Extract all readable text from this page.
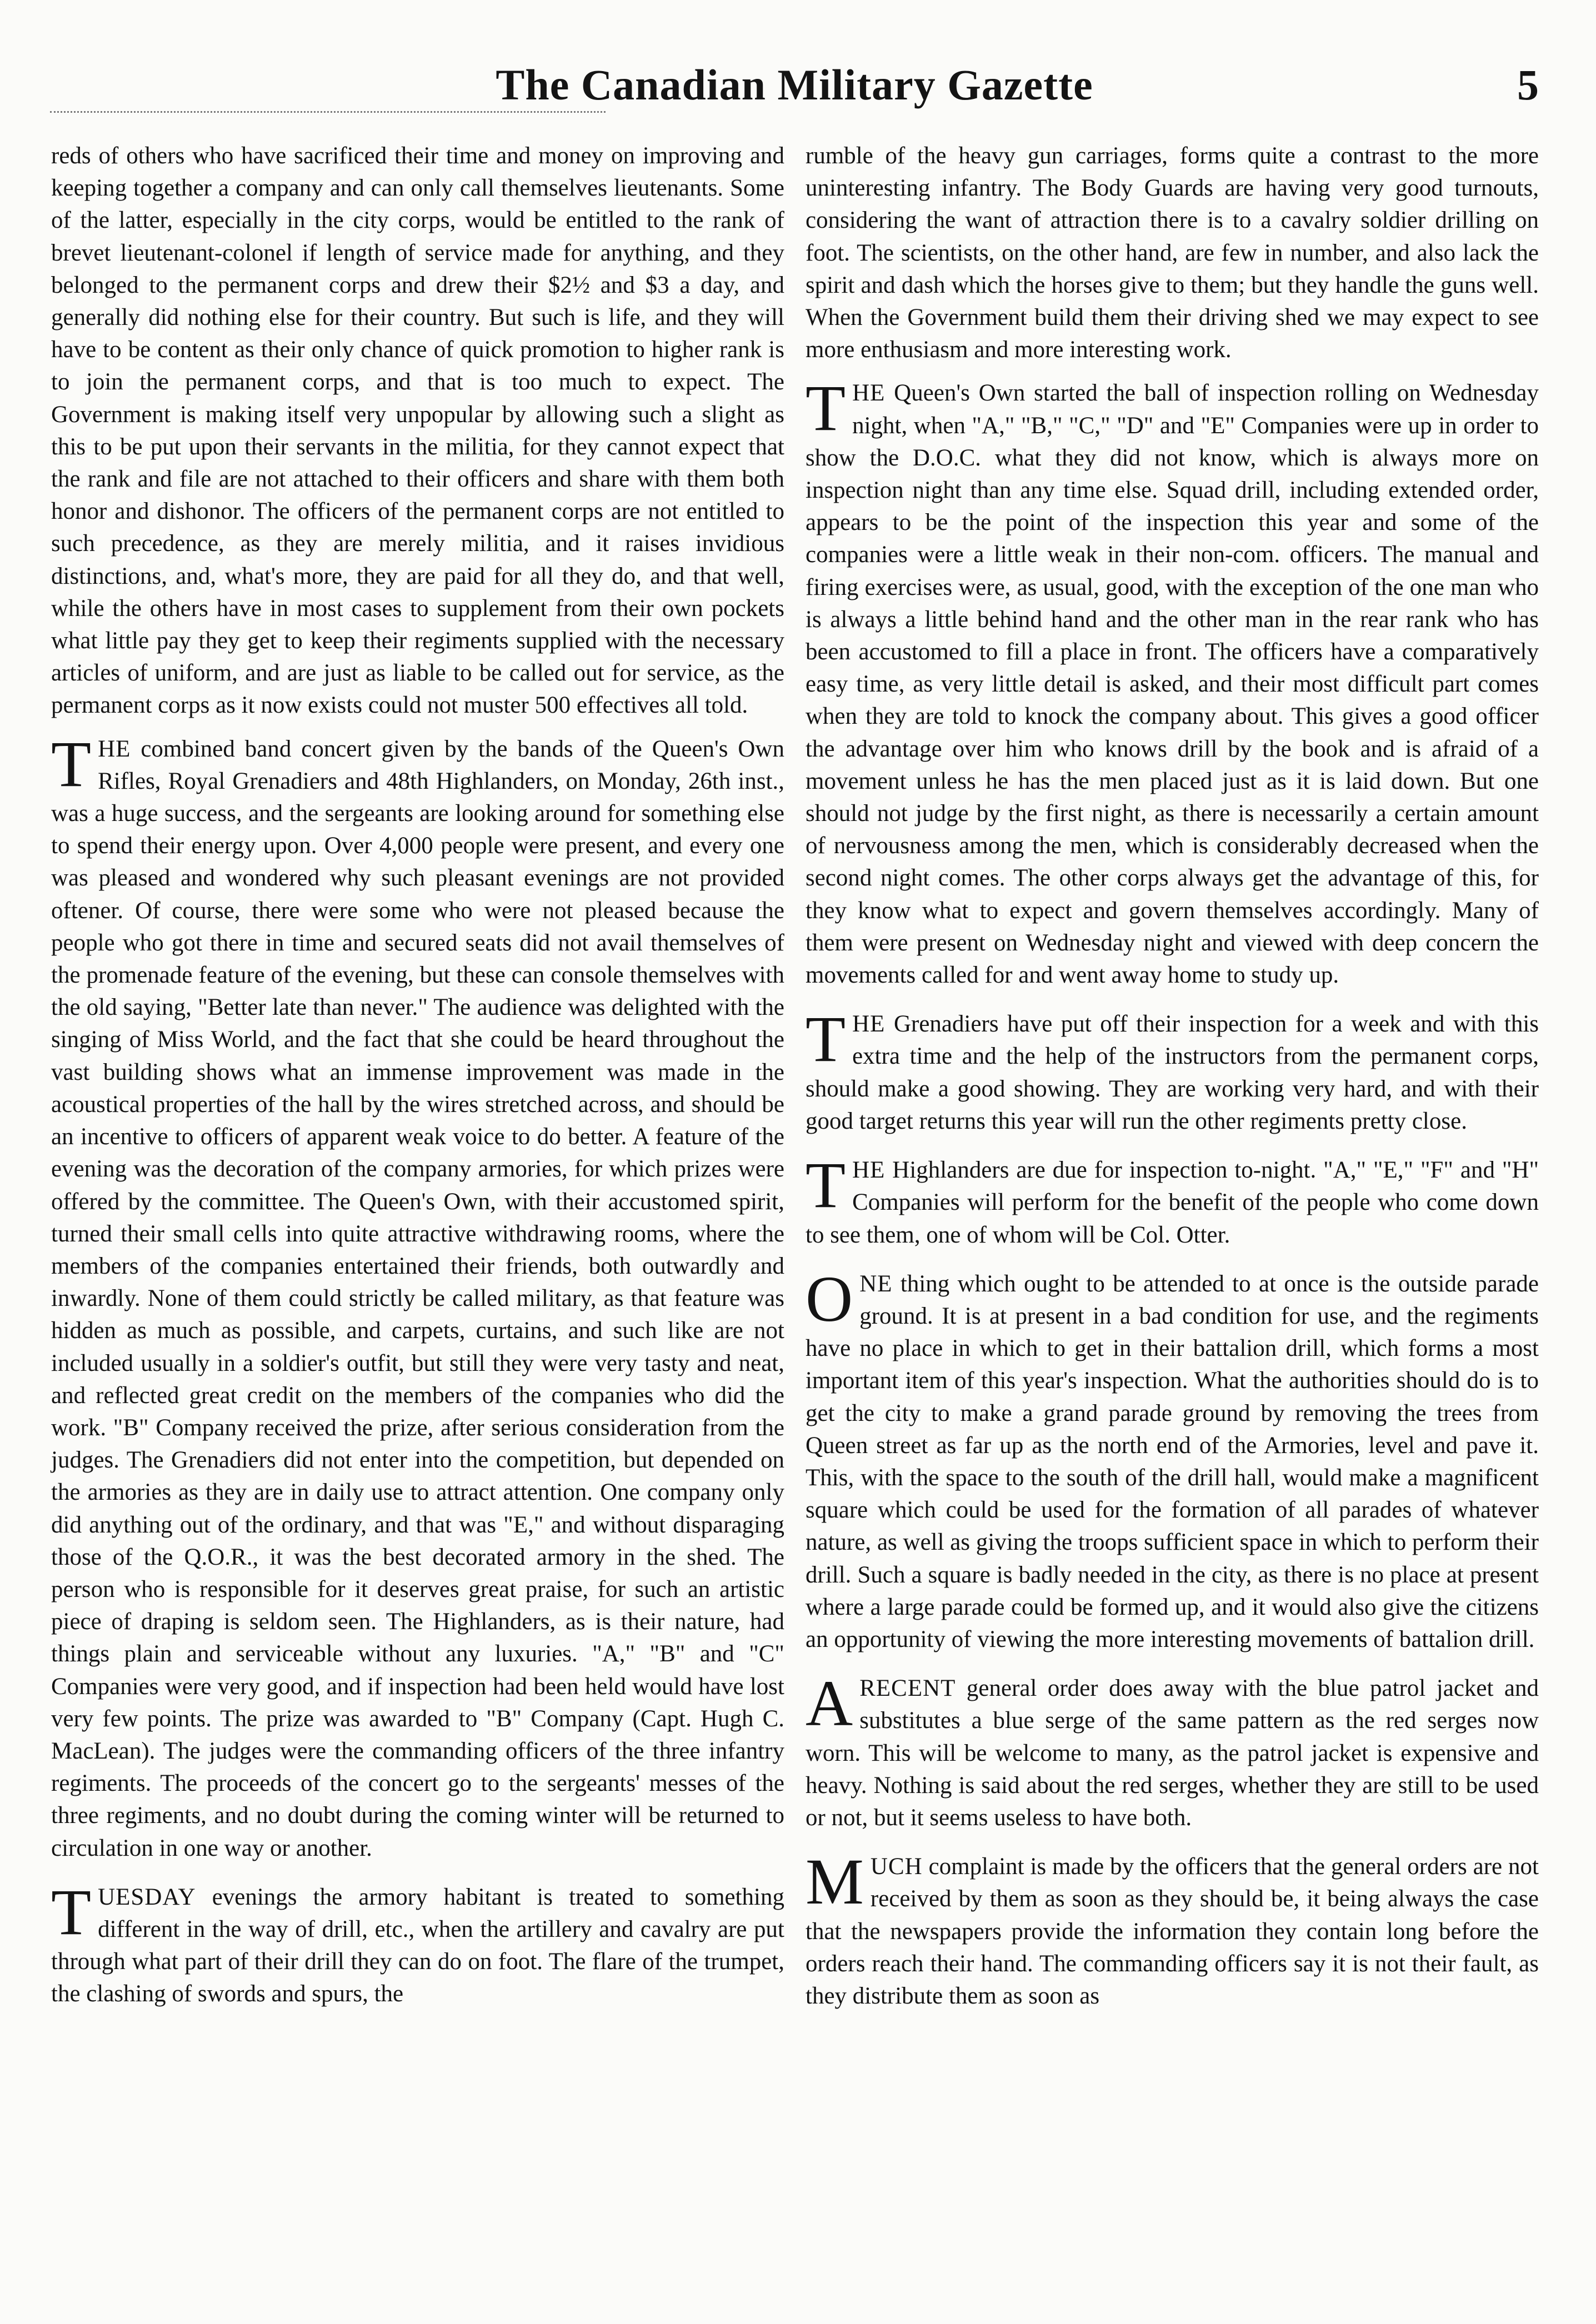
The Canadian Military Gazette	5

reds of others who have sacrificed their time and money on improving and keeping together a company and can only call themselves lieutenants. Some of the latter, especially in the city corps, would be entitled to the rank of brevet lieutenant-colonel if length of service made for anything, and they belonged to the permanent corps and drew their $2½ and $3 a day, and generally did nothing else for their country. But such is life, and they will have to be content as their only chance of quick promotion to higher rank is to join the permanent corps, and that is too much to expect. The Government is making itself very unpopular by allowing such a slight as this to be put upon their servants in the militia, for they cannot expect that the rank and file are not attached to their officers and share with them both honor and dishonor. The officers of the permanent corps are not entitled to such precedence, as they are merely militia, and it raises invidious distinctions, and, what's more, they are paid for all they do, and that well, while the others have in most cases to supplement from their own pockets what little pay they get to keep their regiments supplied with the necessary articles of uniform, and are just as liable to be called out for service, as the permanent corps as it now exists could not muster 500 effectives all told.

THE combined band concert given by the bands of the Queen's Own Rifles, Royal Grenadiers and 48th Highlanders, on Monday, 26th inst., was a huge success, and the sergeants are looking around for something else to spend their energy upon. Over 4,000 people were present, and every one was pleased and wondered why such pleasant evenings are not provided oftener. Of course, there were some who were not pleased because the people who got there in time and secured seats did not avail themselves of the promenade feature of the evening, but these can console themselves with the old saying, "Better late than never." The audience was delighted with the singing of Miss World, and the fact that she could be heard throughout the vast building shows what an immense improvement was made in the acoustical properties of the hall by the wires stretched across, and should be an incentive to officers of apparent weak voice to do better. A feature of the evening was the decoration of the company armories, for which prizes were offered by the committee. The Queen's Own, with their accustomed spirit, turned their small cells into quite attractive withdrawing rooms, where the members of the companies entertained their friends, both outwardly and inwardly. None of them could strictly be called military, as that feature was hidden as much as possible, and carpets, curtains, and such like are not included usually in a soldier's outfit, but still they were very tasty and neat, and reflected great credit on the members of the companies who did the work. "B" Company received the prize, after serious consideration from the judges. The Grenadiers did not enter into the competition, but depended on the armories as they are in daily use to attract attention. One company only did anything out of the ordinary, and that was "E," and without disparaging those of the Q.O.R., it was the best decorated armory in the shed. The person who is responsible for it deserves great praise, for such an artistic piece of draping is seldom seen. The Highlanders, as is their nature, had things plain and serviceable without any luxuries. "A," "B" and "C" Companies were very good, and if inspection had been held would have lost very few points. The prize was awarded to "B" Company (Capt. Hugh C. MacLean). The judges were the commanding officers of the three infantry regiments. The proceeds of the concert go to the sergeants' messes of the three regiments, and no doubt during the coming winter will be returned to circulation in one way or another.

TUESDAY evenings the armory habitant is treated to something different in the way of drill, etc., when the artillery and cavalry are put through what part of their drill they can do on foot. The flare of the trumpet, the clashing of swords and spurs, the

rumble of the heavy gun carriages, forms quite a contrast to the more uninteresting infantry. The Body Guards are having very good turnouts, considering the want of attraction there is to a cavalry soldier drilling on foot. The scientists, on the other hand, are few in number, and also lack the spirit and dash which the horses give to them; but they handle the guns well. When the Government build them their driving shed we may expect to see more enthusiasm and more interesting work.

THE Queen's Own started the ball of inspection rolling on Wednesday night, when "A," "B," "C," "D" and "E" Companies were up in order to show the D.O.C. what they did not know, which is always more on inspection night than any time else. Squad drill, including extended order, appears to be the point of the inspection this year and some of the companies were a little weak in their non-com. officers. The manual and firing exercises were, as usual, good, with the exception of the one man who is always a little behind hand and the other man in the rear rank who has been accustomed to fill a place in front. The officers have a comparatively easy time, as very little detail is asked, and their most difficult part comes when they are told to knock the company about. This gives a good officer the advantage over him who knows drill by the book and is afraid of a movement unless he has the men placed just as it is laid down. But one should not judge by the first night, as there is necessarily a certain amount of nervousness among the men, which is considerably decreased when the second night comes. The other corps always get the advantage of this, for they know what to expect and govern themselves accordingly. Many of them were present on Wednesday night and viewed with deep concern the movements called for and went away home to study up.

THE Grenadiers have put off their inspection for a week and with this extra time and the help of the instructors from the permanent corps, should make a good showing. They are working very hard, and with their good target returns this year will run the other regiments pretty close.

THE Highlanders are due for inspection to-night. "A," "E," "F" and "H" Companies will perform for the benefit of the people who come down to see them, one of whom will be Col. Otter.

ONE thing which ought to be attended to at once is the outside parade ground. It is at present in a bad condition for use, and the regiments have no place in which to get in their battalion drill, which forms a most important item of this year's inspection. What the authorities should do is to get the city to make a grand parade ground by removing the trees from Queen street as far up as the north end of the Armories, level and pave it. This, with the space to the south of the drill hall, would make a magnificent square which could be used for the formation of all parades of whatever nature, as well as giving the troops sufficient space in which to perform their drill. Such a square is badly needed in the city, as there is no place at present where a large parade could be formed up, and it would also give the citizens an opportunity of viewing the more interesting movements of battalion drill.

ARECENT general order does away with the blue patrol jacket and substitutes a blue serge of the same pattern as the red serges now worn. This will be welcome to many, as the patrol jacket is expensive and heavy. Nothing is said about the red serges, whether they are still to be used or not, but it seems useless to have both.

MUCH complaint is made by the officers that the general orders are not received by them as soon as they should be, it being always the case that the newspapers provide the information they contain long before the orders reach their hand. The commanding officers say it is not their fault, as they distribute them as soon as
